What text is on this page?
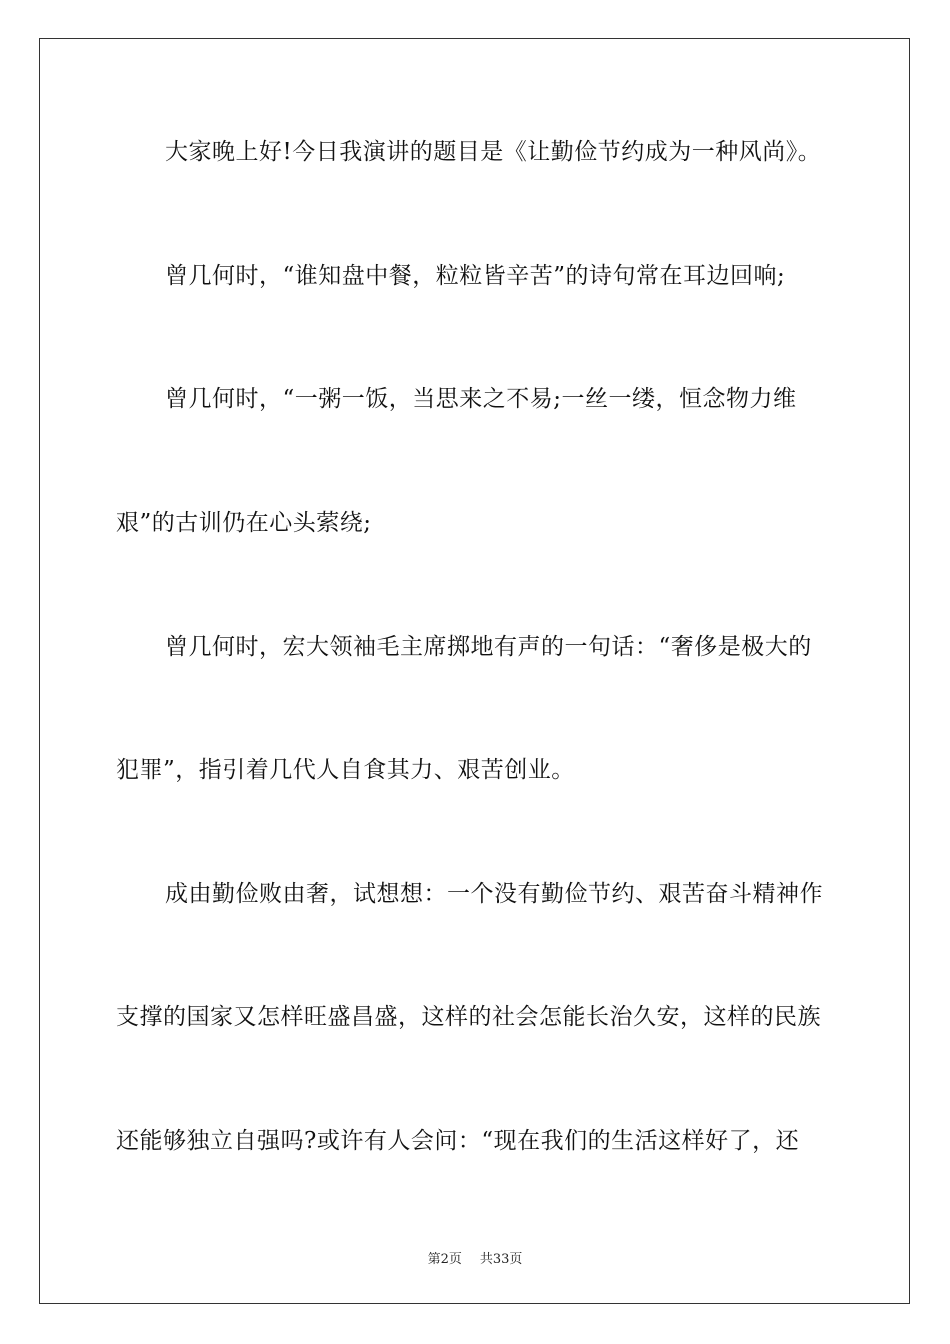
大家晚上好!今日我演讲的题目是《让勤俭节约成为一种风尚》。
曾几何时，“谁知盘中餐，粒粒皆辛苦”的诗句常在耳边回响;
曾几何时，“一粥一饭，当思来之不易;一丝一缕，恒念物力维
艰”的古训仍在心头萦绕;
曾几何时，宏大领袖毛主席掷地有声的一句话：“奢侈是极大的
犯罪”，指引着几代人自食其力、艰苦创业。
成由勤俭败由奢，试想想：一个没有勤俭节约、艰苦奋斗精神作
支撑的国家又怎样旺盛昌盛，这样的社会怎能长治久安，这样的民族
还能够独立自强吗?或许有人会问：“现在我们的生活这样好了，还
第2页 共33页
